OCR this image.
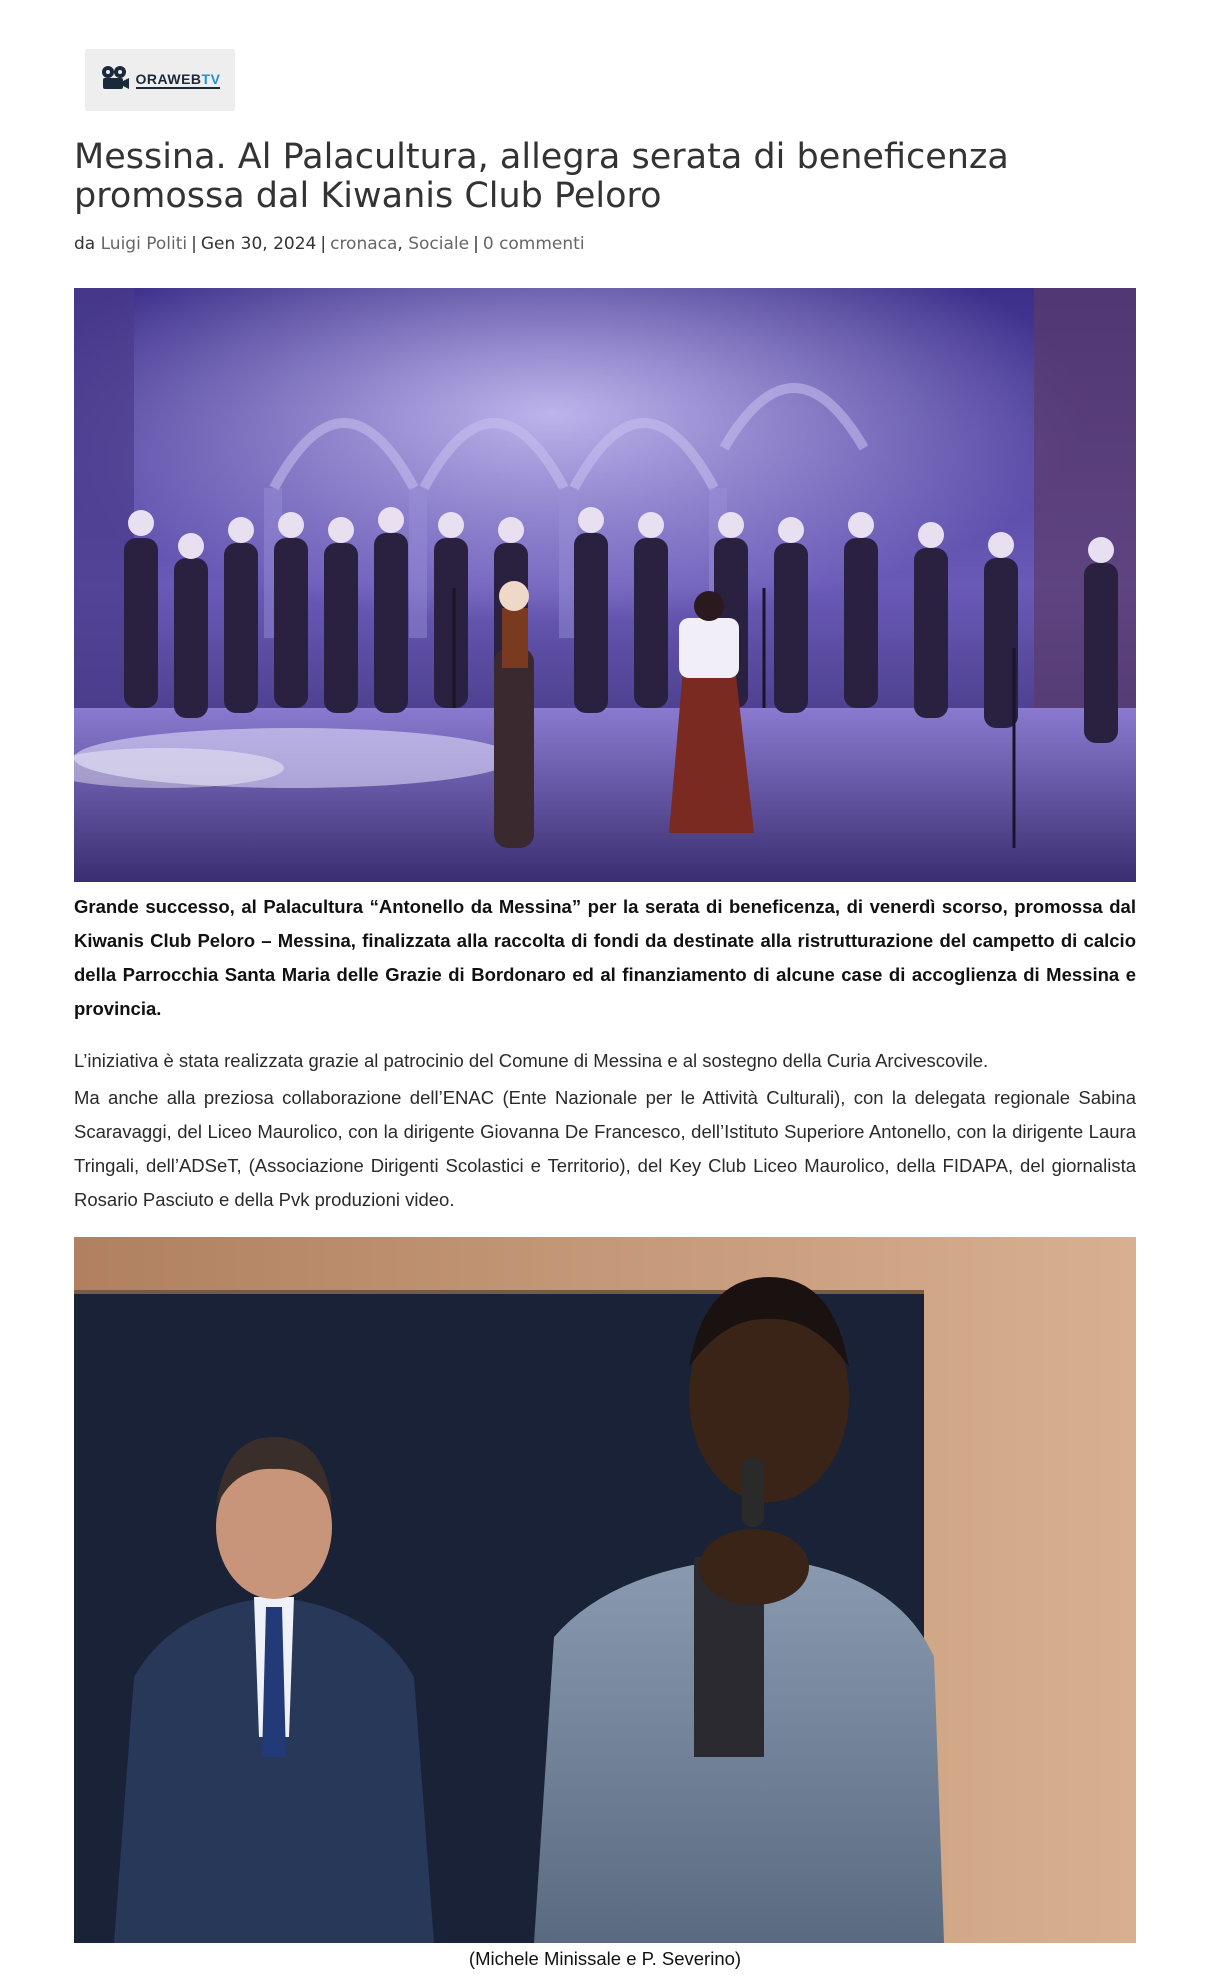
ORAWEBTV
Messina. Al Palacultura, allegra serata di beneficenza promossa dal Kiwanis Club Peloro
da Luigi Politi | Gen 30, 2024 | cronaca, Sociale | 0 commenti

Grande successo, al Palacultura “Antonello da Messina” per la serata di beneficenza, di venerdì scorso, promossa dal Kiwanis Club Peloro – Messina, finalizzata alla raccolta di fondi da destinate alla ristrutturazione del campetto di calcio della Parrocchia Santa Maria delle Grazie di Bordonaro ed al finanziamento di alcune case di accoglienza di Messina e provincia.

L’iniziativa è stata realizzata grazie al patrocinio del Comune di Messina e al sostegno della Curia Arcivescovile.

Ma anche alla preziosa collaborazione dell’ENAC (Ente Nazionale per le Attività Culturali), con la delegata regionale Sabina Scaravaggi, del Liceo Maurolico, con la dirigente Giovanna De Francesco, dell’Istituto Superiore Antonello, con la dirigente Laura Tringali, dell’ADSeT, (Associazione Dirigenti Scolastici e Territorio), del Key Club Liceo Maurolico, della FIDAPA, del giornalista Rosario Pasciuto e della Pvk produzioni video.

(Michele Minissale e P. Severino)
